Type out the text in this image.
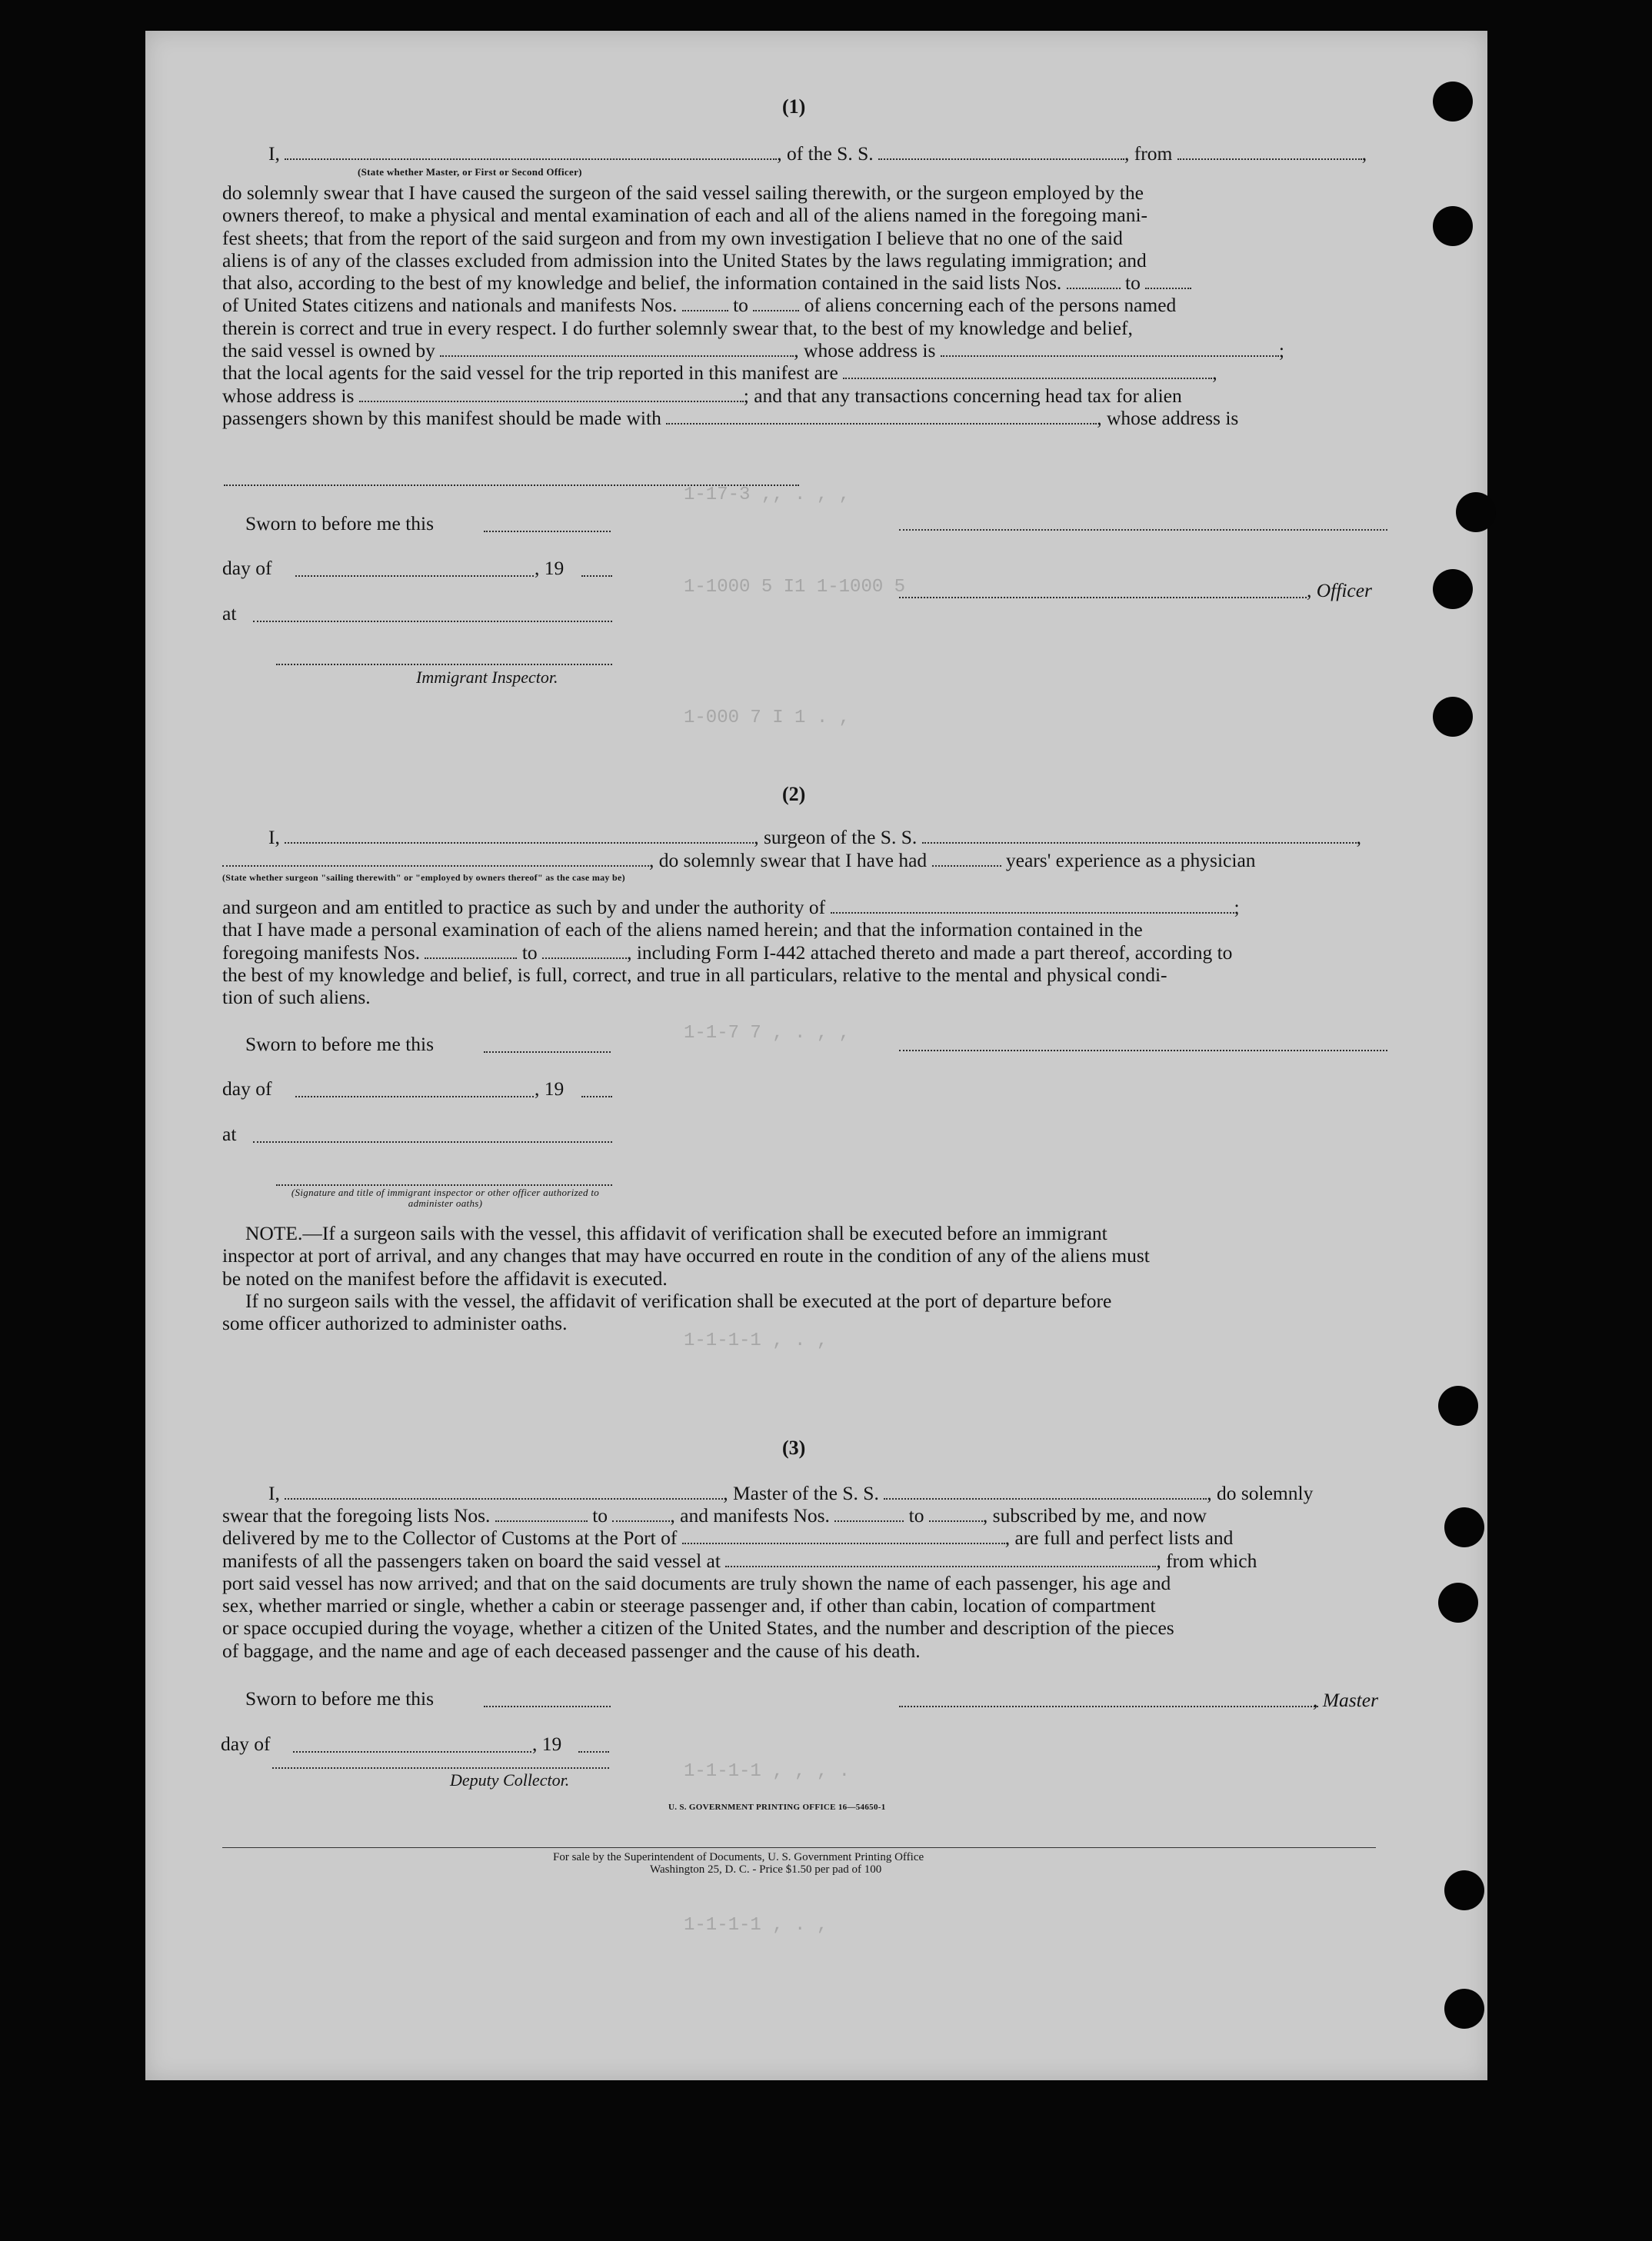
1-17-3 ,, . , ,
1-1000 5 I1 1-1000 5
1-000 7 I 1 . ,
1-1-7 7 , . , ,
1-1-1-1 , . ,
1-1-1-1 , , , .
1-1-1-1 , . ,
(1)
I,	, of the S. S.	, from	,
(State whether Master, or First or Second Officer)
do solemnly swear that I have caused the surgeon of the said vessel sailing therewith, or the surgeon employed by the
owners thereof, to make a physical and mental examination of each and all of the aliens named in the foregoing mani-
fest sheets; that from the report of the said surgeon and from my own investigation I believe that no one of the said
aliens is of any of the classes excluded from admission into the United States by the laws regulating immigration; and
that also, according to the best of my knowledge and belief, the information contained in the said lists Nos.	to
of United States citizens and nationals and manifests Nos.	to	of aliens concerning each of the persons named
therein is correct and true in every respect. I do further solemnly swear that, to the best of my knowledge and belief,
the said vessel is owned by	, whose address is	;
that the local agents for the said vessel for the trip reported in this manifest are	,
whose address is	; and that any transactions concerning head tax for alien
passengers shown by this manifest should be made with	, whose address is
Sworn to before me this
day of	, 19
, Officer
at
Immigrant Inspector.
(2)
I,	, surgeon of the S. S.	,
, do solemnly swear that I have had	years' experience as a physician
(State whether surgeon "sailing therewith" or "employed by owners thereof" as the case may be)
and surgeon and am entitled to practice as such by and under the authority of	;
that I have made a personal examination of each of the aliens named herein; and that the information contained in the
foregoing manifests Nos.	to	, including Form I-442 attached thereto and made a part thereof, according to
the best of my knowledge and belief, is full, correct, and true in all particulars, relative to the mental and physical condi-
tion of such aliens.
Sworn to before me this
day of	, 19
at
(Signature and title of immigrant inspector or other officer authorized to administer oaths)
NOTE.—If a surgeon sails with the vessel, this affidavit of verification shall be executed before an immigrant
inspector at port of arrival, and any changes that may have occurred en route in the condition of any of the aliens must
be noted on the manifest before the affidavit is executed.
If no surgeon sails with the vessel, the affidavit of verification shall be executed at the port of departure before
some officer authorized to administer oaths.
(3)
I,	, Master of the S. S.	, do solemnly
swear that the foregoing lists Nos.	to	, and manifests Nos.	to	, subscribed by me, and now
delivered by me to the Collector of Customs at the Port of	, are full and perfect lists and
manifests of all the passengers taken on board the said vessel at	, from which
port said vessel has now arrived; and that on the said documents are truly shown the name of each passenger, his age and
sex, whether married or single, whether a cabin or steerage passenger and, if other than cabin, location of compartment
or space occupied during the voyage, whether a citizen of the United States, and the number and description of the pieces
of baggage, and the name and age of each deceased passenger and the cause of his death.
Sworn to before me this	, Master
day of	, 19
Deputy Collector.
U. S. GOVERNMENT PRINTING OFFICE 16—54650-1
For sale by the Superintendent of Documents, U. S. Government Printing Office
Washington 25, D. C. - Price $1.50 per pad of 100
